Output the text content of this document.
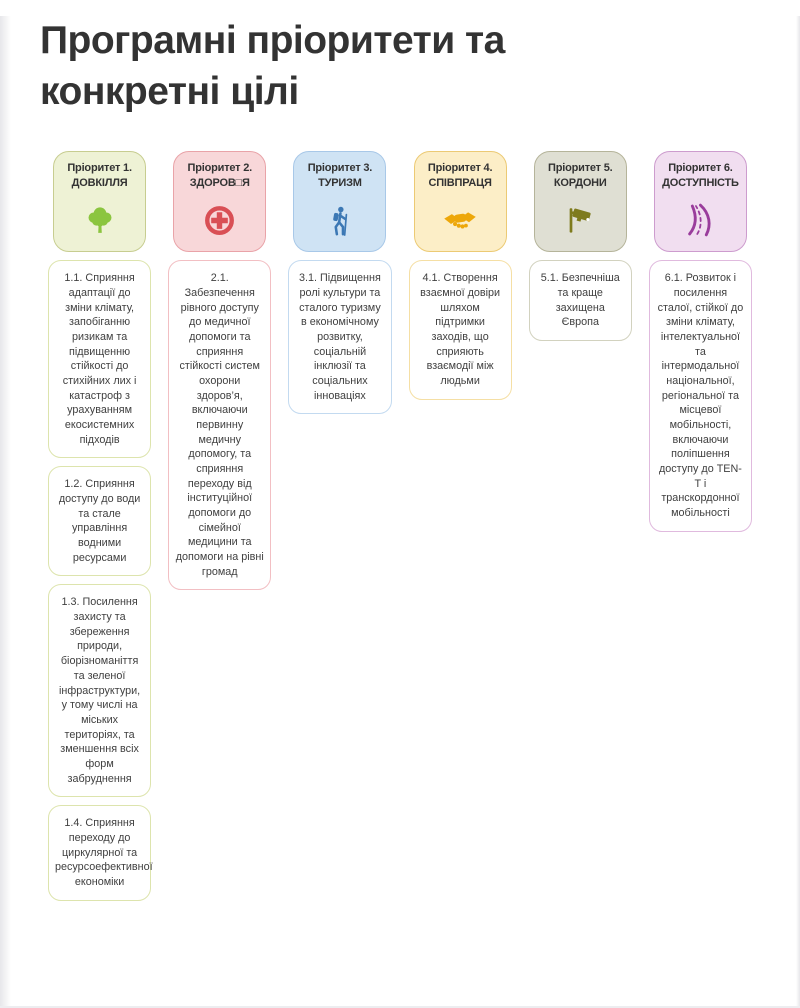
Програмні пріоритети та конкретні цілі
Пріоритет 1.
ДОВКІЛЛЯ
1.1. Сприяння адаптації до зміни клімату, запобіганню ризикам та підвищенню стійкості до стихійних лих і катастроф з урахуванням екосистемних підходів
1.2. Сприяння доступу до води та стале управління водними ресурсами
1.3. Посилення захисту та збереження природи, біорізноманіття та зеленої інфраструктури, у тому числі на міських територіях, та зменшення всіх форм забруднення
1.4. Сприяння переходу до циркулярної та ресурсоефективної економіки
Пріоритет 2.
ЗДОРОВ□Я
2.1. Забезпечення рівного доступу до медичної допомоги та сприяння стійкості систем охорони здоров’я, включаючи первинну медичну допомогу, та сприяння переходу від інституційної допомоги до сімейної медицини та допомоги на рівні громад
Пріоритет 3.
ТУРИЗМ
3.1. Підвищення ролі культури та сталого туризму в економічному розвитку, соціальній інклюзії та соціальних інноваціях
Пріоритет 4.
СПІВПРАЦЯ
4.1. Створення взаємної довіри шляхом підтримки заходів, що сприяють взаємодії між людьми
Пріоритет 5.
КОРДОНИ
5.1. Безпечніша та краще захищена Європа
Пріоритет 6.
ДОСТУПНІСТЬ
6.1. Розвиток і посилення сталої, стійкої до зміни клімату, інтелектуальної та інтермодальної національної, регіональної та місцевої мобільності, включаючи поліпшення доступу до TEN-T і транскордонної мобільності
